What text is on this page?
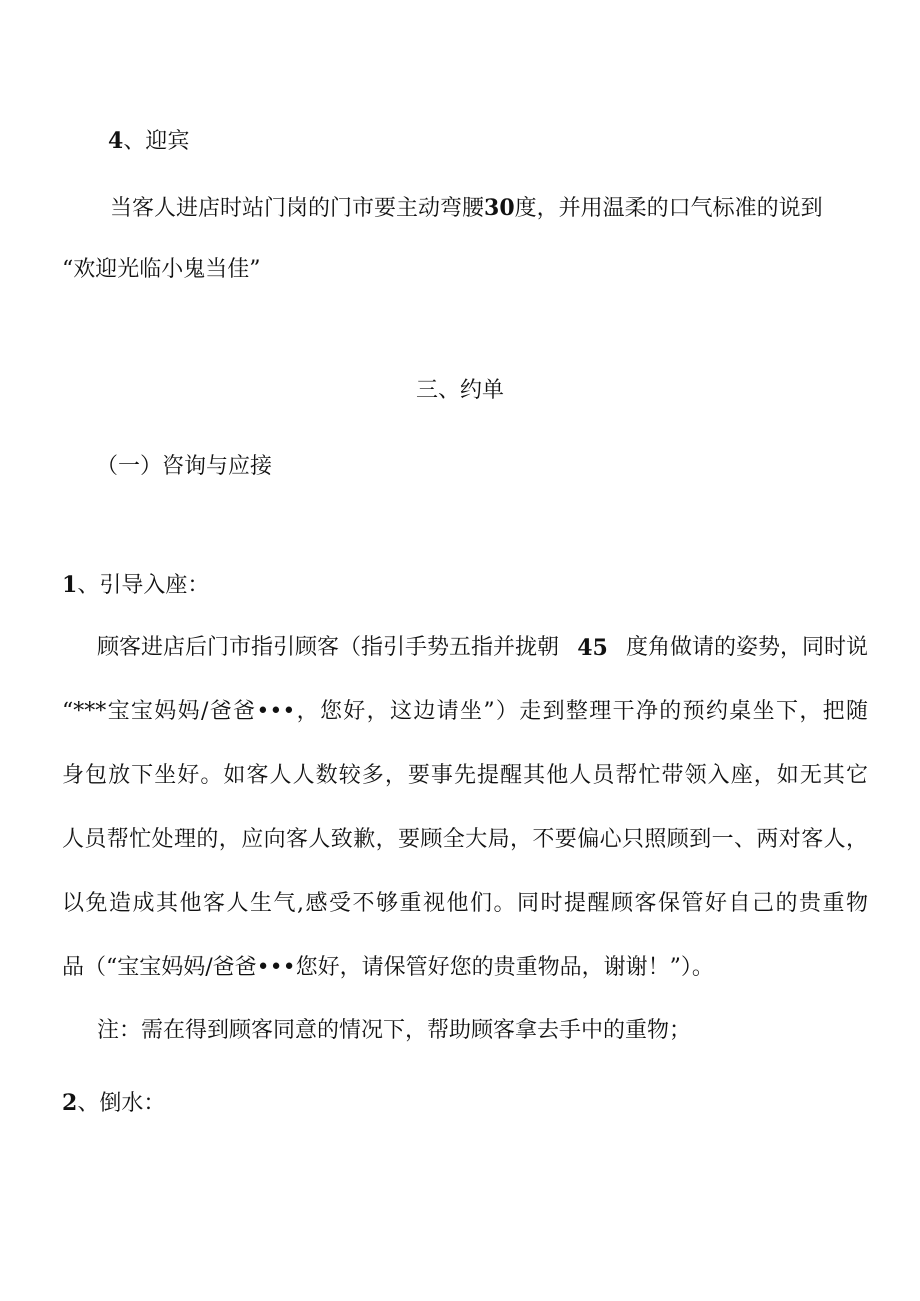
4、迎宾
当客人进店时站门岗的门市要主动弯腰30度，并用温柔的口气标准的说到
“欢迎光临小鬼当佳”
三、约单
（一）咨询与应接
1、引导入座：
顾客进店后门市指引顾客（指引手势五指并拢朝 45 度角做请的姿势，同时说
“***宝宝妈妈/爸爸•••，您好，这边请坐”）走到整理干净的预约桌坐下，把随
身包放下坐好。如客人人数较多，要事先提醒其他人员帮忙带领入座，如无其它
人员帮忙处理的，应向客人致歉，要顾全大局，不要偏心只照顾到一、两对客人，
以免造成其他客人生气,感受不够重视他们。同时提醒顾客保管好自己的贵重物
品（“宝宝妈妈/爸爸•••您好，请保管好您的贵重物品，谢谢！”）。
注：需在得到顾客同意的情况下，帮助顾客拿去手中的重物；
2、倒水：
